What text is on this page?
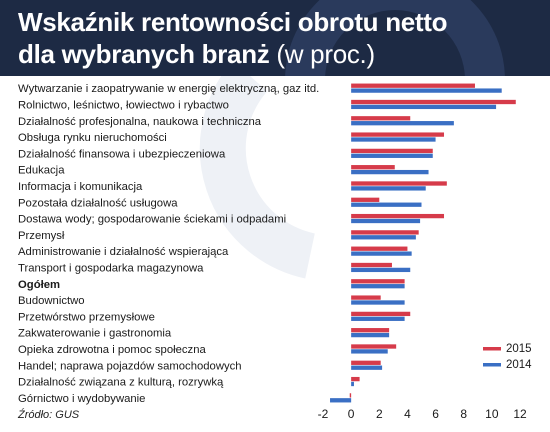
Wskaźnik rentowności obrotu netto
dla wybranych branż (w proc.)
Wytwarzanie i zaopatrywanie w energię elektryczną, gaz itd.
Rolnictwo, leśnictwo, łowiectwo i rybactwo
Działalność profesjonalna, naukowa i techniczna
Obsługa rynku nieruchomości
Działalność finansowa i ubezpieczeniowa
Edukacja
Informacja i komunikacja
Pozostała działalność usługowa
Dostawa wody; gospodarowanie ściekami i odpadami
Przemysł
Administrowanie i działalność wspierająca
Transport i gospodarka magazynowa
Ogółem
Budownictwo
Przetwórstwo przemysłowe
Zakwaterowanie i gastronomia
Opieka zdrowotna i pomoc społeczna
Handel; naprawa pojazdów samochodowych
Działalność związana z kulturą, rozrywką
Górnictwo i wydobywanie
-2 0 2 4 6 8 10 12
2015
2014
Źródło: GUS
